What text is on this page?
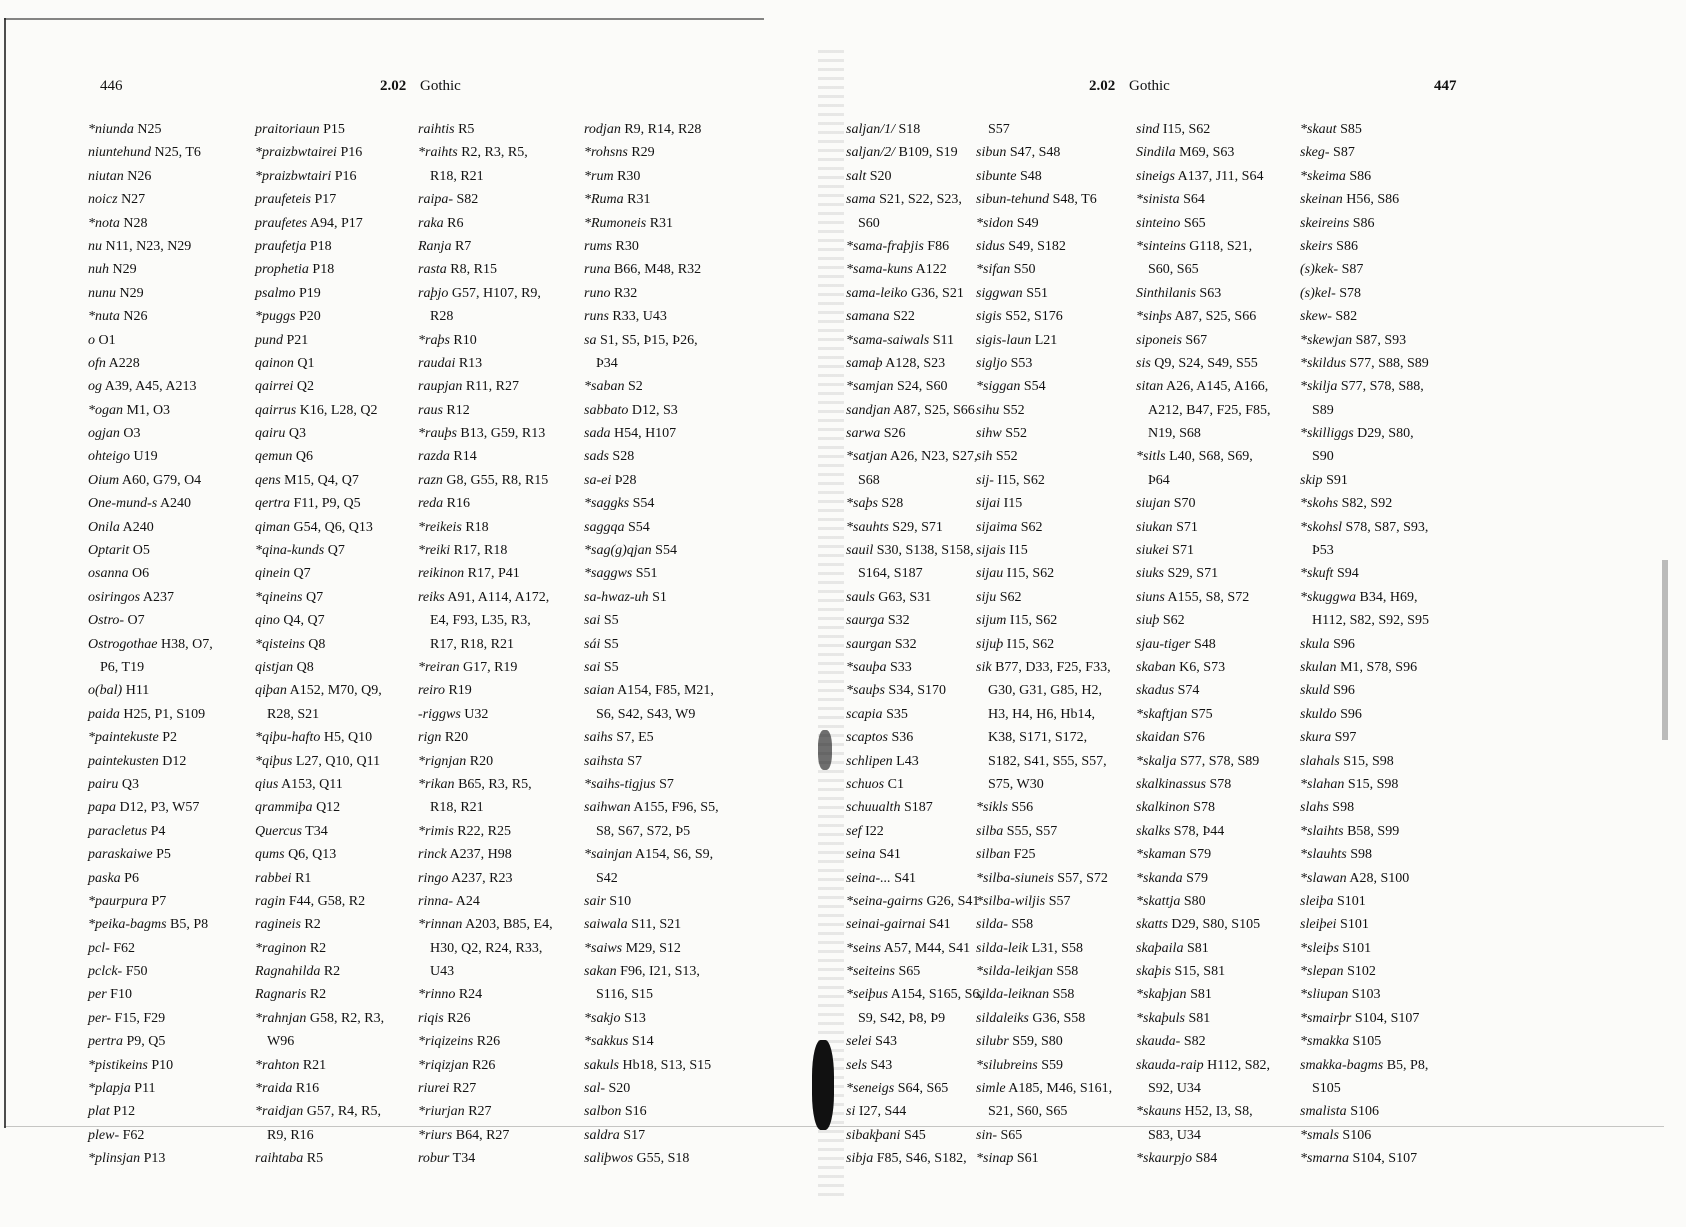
446	2.02 Gothic
*niunda N25
niuntehund N25, T6
niutan N26
noicz N27
*nota N28
nu N11, N23, N29
nuh N29
nunu N29
*nuta N26
o O1
ofn A228
og A39, A45, A213
*ogan M1, O3
ogjan O3
ohteigo U19
Oium A60, G79, O4
One-mund-s A240
Onila A240
Optarit O5
osanna O6
osiringos A237
Ostro- O7
Ostrogothae H38, O7,
P6, T19
o(bal) H11
paida H25, P1, S109
*paintekuste P2
paintekusten D12
pairu Q3
papa D12, P3, W57
paracletus P4
paraskaiwe P5
paska P6
*paurpura P7
*peika-bagms B5, P8
pcl- F62
pclck- F50
per F10
per- F15, F29
pertra P9, Q5
*pistikeins P10
*plapja P11
plat P12
plew- F62
*plinsjan P13
praitoriaun P15
*praizbwtairei P16
*praizbwtairi P16
praufeteis P17
praufetes A94, P17
praufetja P18
prophetia P18
psalmo P19
*puggs P20
pund P21
qainon Q1
qairrei Q2
qairrus K16, L28, Q2
qairu Q3
qemun Q6
qens M15, Q4, Q7
qertra F11, P9, Q5
qiman G54, Q6, Q13
*qina-kunds Q7
qinein Q7
*qineins Q7
qino Q4, Q7
*qisteins Q8
qistjan Q8
qiþan A152, M70, Q9,
R28, S21
*qiþu-hafto H5, Q10
*qiþus L27, Q10, Q11
qius A153, Q11
qrammiþa Q12
Quercus T34
qums Q6, Q13
rabbei R1
ragin F44, G58, R2
ragineis R2
*raginon R2
Ragnahilda R2
Ragnaris R2
*rahnjan G58, R2, R3,
W96
*rahton R21
*raida R16
*raidjan G57, R4, R5,
R9, R16
raihtaba R5
raihtis R5
*raihts R2, R3, R5,
R18, R21
raipa- S82
raka R6
Ranja R7
rasta R8, R15
raþjo G57, H107, R9,
R28
*raþs R10
raudai R13
raupjan R11, R27
raus R12
*rauþs B13, G59, R13
razda R14
razn G8, G55, R8, R15
reda R16
*reikeis R18
*reiki R17, R18
reikinon R17, P41
reiks A91, A114, A172,
E4, F93, L35, R3,
R17, R18, R21
*reiran G17, R19
reiro R19
-riggws U32
rign R20
*rignjan R20
*rikan B65, R3, R5,
R18, R21
*rimis R22, R25
rinck A237, H98
ringo A237, R23
rinna- A24
*rinnan A203, B85, E4,
H30, Q2, R24, R33,
U43
*rinno R24
riqis R26
*riqizeins R26
*riqizjan R26
riurei R27
*riurjan R27
*riurs B64, R27
robur T34
rodjan R9, R14, R28
*rohsns R29
*rum R30
*Ruma R31
*Rumoneis R31
rums R30
runa B66, M48, R32
runo R32
runs R33, U43
sa S1, S5, Þ15, Þ26,
Þ34
*saban S2
sabbato D12, S3
sada H54, H107
sads S28
sa-ei Þ28
*saggks S54
saggqa S54
*sag(g)qjan S54
*saggws S51
sa-hwaz-uh S1
sai S5
sái S5
sai S5
saian A154, F85, M21,
S6, S42, S43, W9
saihs S7, E5
saihsta S7
*saihs-tigjus S7
saihwan A155, F96, S5,
S8, S67, S72, Þ5
*sainjan A154, S6, S9,
S42
sair S10
saiwala S11, S21
*saiws M29, S12
sakan F96, I21, S13,
S116, S15
*sakjo S13
*sakkus S14
sakuls Hb18, S13, S15
sal- S20
salbon S16
saldra S17
saliþwos G55, S18
2.02 Gothic	447
saljan/1/ S18
saljan/2/ B109, S19
salt S20
sama S21, S22, S23,
S60
*sama-fraþjis F86
*sama-kuns A122
sama-leiko G36, S21
samana S22
*sama-saiwals S11
samaþ A128, S23
*samjan S24, S60
sandjan A87, S25, S66
sarwa S26
*satjan A26, N23, S27,
S68
*saþs S28
*sauhts S29, S71
sauil S30, S138, S158,
S164, S187
sauls G63, S31
saurga S32
saurgan S32
*sauþa S33
*sauþs S34, S170
scapia S35
scaptos S36
schlipen L43
schuos C1
schuualth S187
sef I22
seina S41
seina-... S41
*seina-gairns G26, S41
seinai-gairnai S41
*seins A57, M44, S41
*seiteins S65
*seiþus A154, S165, S6,
S9, S42, Þ8, Þ9
selei S43
sels S43
*seneigs S64, S65
si I27, S44
sibakþani S45
sibja F85, S46, S182,
S57
sibun S47, S48
sibunte S48
sibun-tehund S48, T6
*sidon S49
sidus S49, S182
*sifan S50
siggwan S51
sigis S52, S176
sigis-laun L21
sigljo S53
*siggan S54
sihu S52
sihw S52
sih S52
sij- I15, S62
sijai I15
sijaima S62
sijais I15
sijau I15, S62
siju S62
sijum I15, S62
sijuþ I15, S62
sik B77, D33, F25, F33,
G30, G31, G85, H2,
H3, H4, H6, Hb14,
K38, S171, S172,
S182, S41, S55, S57,
S75, W30
*sikls S56
silba S55, S57
silban F25
*silba-siuneis S57, S72
*silba-wiljis S57
silda- S58
silda-leik L31, S58
*silda-leikjan S58
silda-leiknan S58
sildaleiks G36, S58
silubr S59, S80
*silubreins S59
simle A185, M46, S161,
S21, S60, S65
sin- S65
*sinap S61
sind I15, S62
Sindila M69, S63
sineigs A137, J11, S64
*sinista S64
sinteino S65
*sinteins G118, S21,
S60, S65
Sinthilanis S63
*sinþs A87, S25, S66
siponeis S67
sis Q9, S24, S49, S55
sitan A26, A145, A166,
A212, B47, F25, F85,
N19, S68
*sitls L40, S68, S69,
Þ64
siujan S70
siukan S71
siukei S71
siuks S29, S71
siuns A155, S8, S72
siuþ S62
sjau-tiger S48
skaban K6, S73
skadus S74
*skaftjan S75
skaidan S76
*skalja S77, S78, S89
skalkinassus S78
skalkinon S78
skalks S78, Þ44
*skaman S79
*skanda S79
*skattja S80
skatts D29, S80, S105
skaþaila S81
skaþis S15, S81
*skaþjan S81
*skaþuls S81
skauda- S82
skauda-raip H112, S82,
S92, U34
*skauns H52, I3, S8,
S83, U34
*skaurpjo S84
*skaut S85
skeg- S87
*skeima S86
skeinan H56, S86
skeireins S86
skeirs S86
(s)kek- S87
(s)kel- S78
skew- S82
*skewjan S87, S93
*skildus S77, S88, S89
*skilja S77, S78, S88,
S89
*skilliggs D29, S80,
S90
skip S91
*skohs S82, S92
*skohsl S78, S87, S93,
Þ53
*skuft S94
*skuggwa B34, H69,
H112, S82, S92, S95
skula S96
skulan M1, S78, S96
skuld S96
skuldo S96
skura S97
slahals S15, S98
*slahan S15, S98
slahs S98
*slaihts B58, S99
*slauhts S98
*slawan A28, S100
sleiþa S101
sleiþei S101
*sleiþs S101
*slepan S102
*sliupan S103
*smairþr S104, S107
*smakka S105
smakka-bagms B5, P8,
S105
smalista S106
*smals S106
*smarna S104, S107
